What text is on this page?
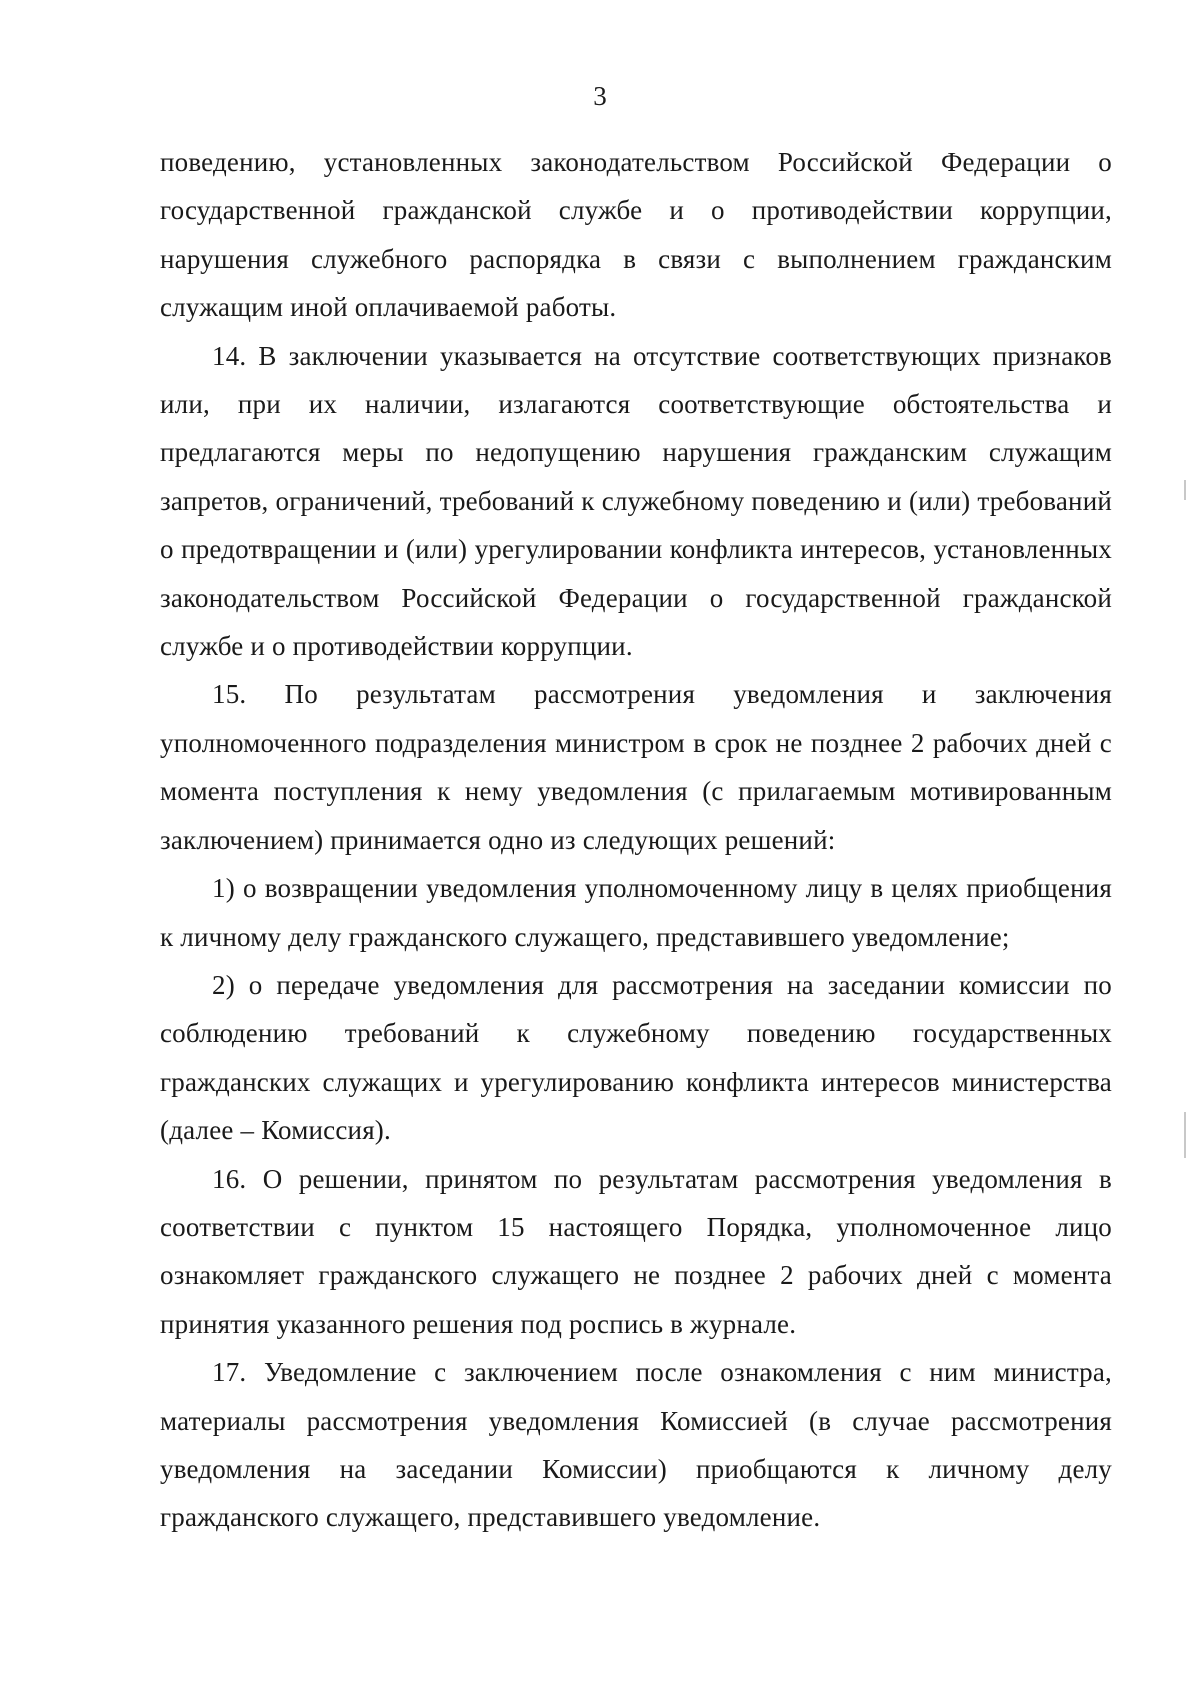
3

поведению, установленных законодательством Российской Федерации о государственной гражданской службе и о противодействии коррупции, нарушения служебного распорядка в связи с выполнением гражданским служащим иной оплачиваемой работы.

14. В заключении указывается на отсутствие соответствующих признаков или, при их наличии, излагаются соответствующие обстоятельства и предлагаются меры по недопущению нарушения гражданским служащим запретов, ограничений, требований к служебному поведению и (или) требований о предотвращении и (или) урегулировании конфликта интересов, установленных законодательством Российской Федерации о государственной гражданской службе и о противодействии коррупции.

15. По результатам рассмотрения уведомления и заключения уполномоченного подразделения министром в срок не позднее 2 рабочих дней с момента поступления к нему уведомления (с прилагаемым мотивированным заключением) принимается одно из следующих решений:

1) о возвращении уведомления уполномоченному лицу в целях приобщения к личному делу гражданского служащего, представившего уведомление;

2) о передаче уведомления для рассмотрения на заседании комиссии по соблюдению требований к служебному поведению государственных гражданских служащих и урегулированию конфликта интересов министерства (далее – Комиссия).

16. О решении, принятом по результатам рассмотрения уведомления в соответствии с пунктом 15 настоящего Порядка, уполномоченное лицо ознакомляет гражданского служащего не позднее 2 рабочих дней с момента принятия указанного решения под роспись в журнале.

17. Уведомление с заключением после ознакомления с ним министра, материалы рассмотрения уведомления Комиссией (в случае рассмотрения уведомления на заседании Комиссии) приобщаются к личному делу гражданского служащего, представившего уведомление.
